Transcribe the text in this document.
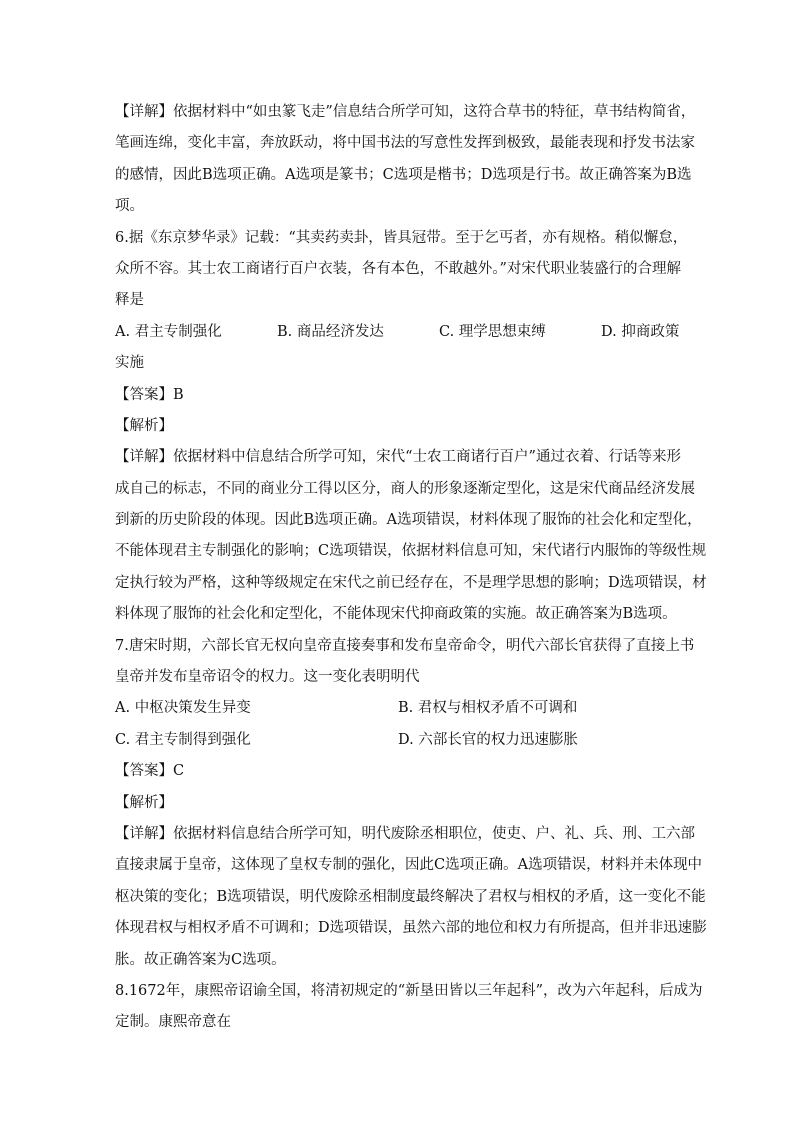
【详解】依据材料中“如虫篆飞走”信息结合所学可知，这符合草书的特征，草书结构简省，
笔画连绵，变化丰富，奔放跃动，将中国书法的写意性发挥到极致，最能表现和抒发书法家
的感情，因此B选项正确。A选项是篆书；C选项是楷书；D选项是行书。故正确答案为B选
项。
6.据《东京梦华录》记载：“其卖药卖卦，皆具冠带。至于乞丐者，亦有规格。稍似懈怠，
众所不容。其士农工商诸行百户衣装，各有本色，不敢越外。”对宋代职业装盛行的合理解
释是
A. 君主专制强化	B. 商品经济发达	C. 理学思想束缚	D. 抑商政策
实施
【答案】B
【解析】
【详解】依据材料中信息结合所学可知，宋代“士农工商诸行百户”通过衣着、行话等来形
成自己的标志，不同的商业分工得以区分，商人的形象逐渐定型化，这是宋代商品经济发展
到新的历史阶段的体现。因此B选项正确。A选项错误，材料体现了服饰的社会化和定型化，
不能体现君主专制强化的影响；C选项错误，依据材料信息可知，宋代诸行内服饰的等级性规
定执行较为严格，这种等级规定在宋代之前已经存在，不是理学思想的影响；D选项错误，材
料体现了服饰的社会化和定型化，不能体现宋代抑商政策的实施。故正确答案为B选项。
7.唐宋时期，六部长官无权向皇帝直接奏事和发布皇帝命令，明代六部长官获得了直接上书
皇帝并发布皇帝诏令的权力。这一变化表明明代
A. 中枢决策发生异变	B. 君权与相权矛盾不可调和
C. 君主专制得到强化	D. 六部长官的权力迅速膨胀
【答案】C
【解析】
【详解】依据材料信息结合所学可知，明代废除丞相职位，使吏、户、礼、兵、刑、工六部
直接隶属于皇帝，这体现了皇权专制的强化，因此C选项正确。A选项错误，材料并未体现中
枢决策的变化；B选项错误，明代废除丞相制度最终解决了君权与相权的矛盾，这一变化不能
体现君权与相权矛盾不可调和；D选项错误，虽然六部的地位和权力有所提高，但并非迅速膨
胀。故正确答案为C选项。
8.1672年，康熙帝诏谕全国，将清初规定的“新垦田皆以三年起科”，改为六年起科，后成为
定制。康熙帝意在
